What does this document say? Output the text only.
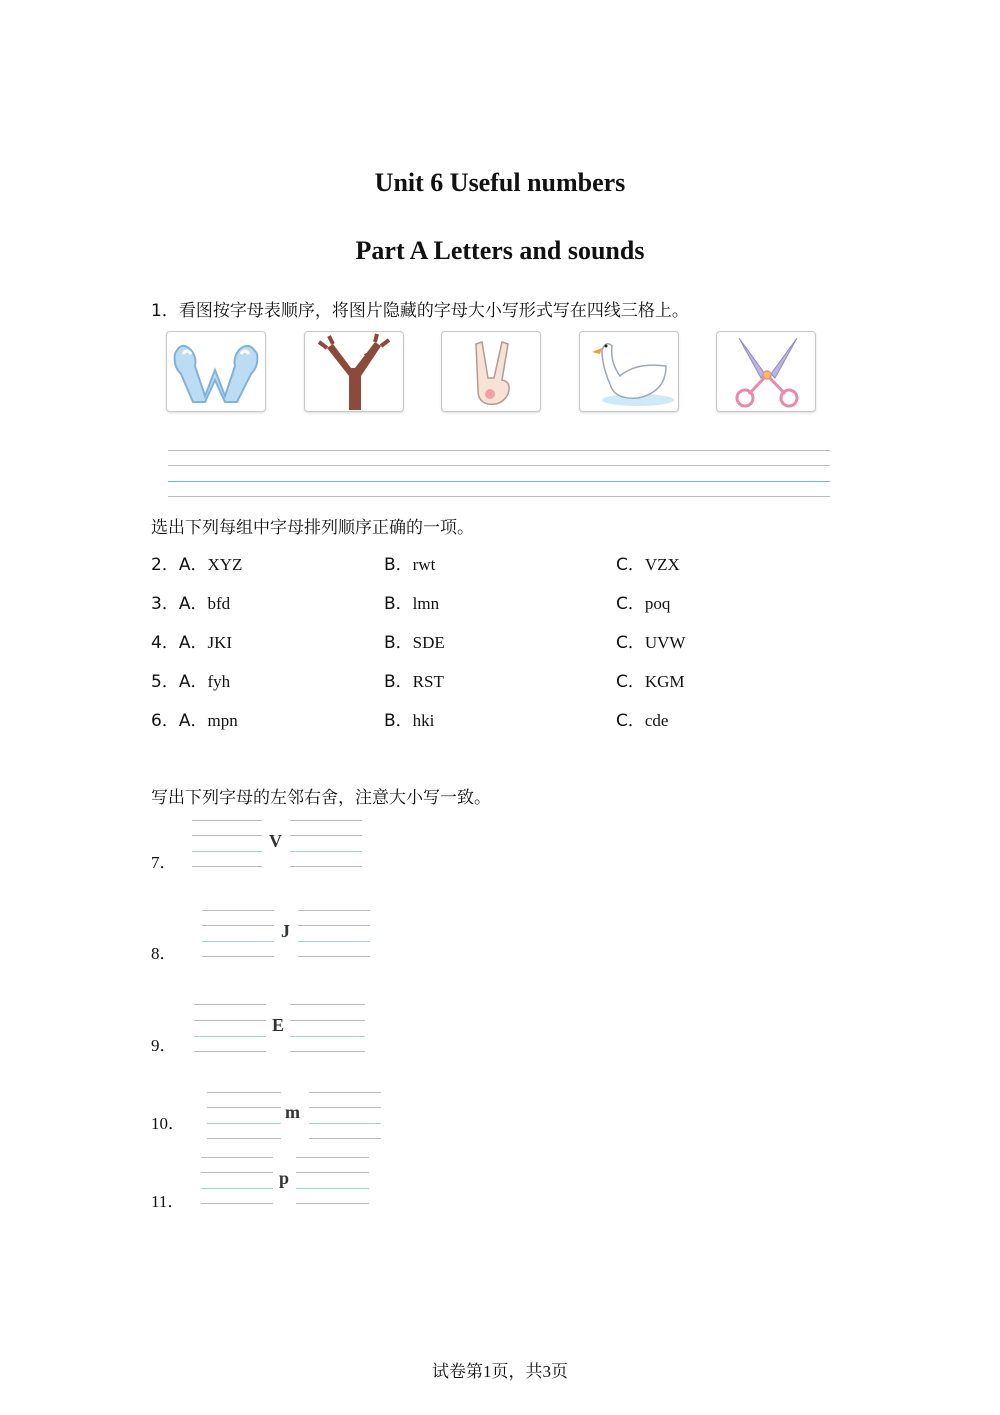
Unit 6 Useful numbers
Part A Letters and sounds
1．看图按字母表顺序，将图片隐藏的字母大小写形式写在四线三格上。
选出下列每组中字母排列顺序正确的一项。
2．A．XYZ	B．rwt	C．VZX
3．A．bfd	B．lmn	C．poq
4．A．JKI	B．SDE	C．UVW
5．A．fyh	B．RST	C．KGM
6．A．mpn	B．hki	C．cde
写出下列字母的左邻右舍，注意大小写一致。
7．
V
8．
J
9．
E
10．
m
11．
p
试卷第1页，共3页
